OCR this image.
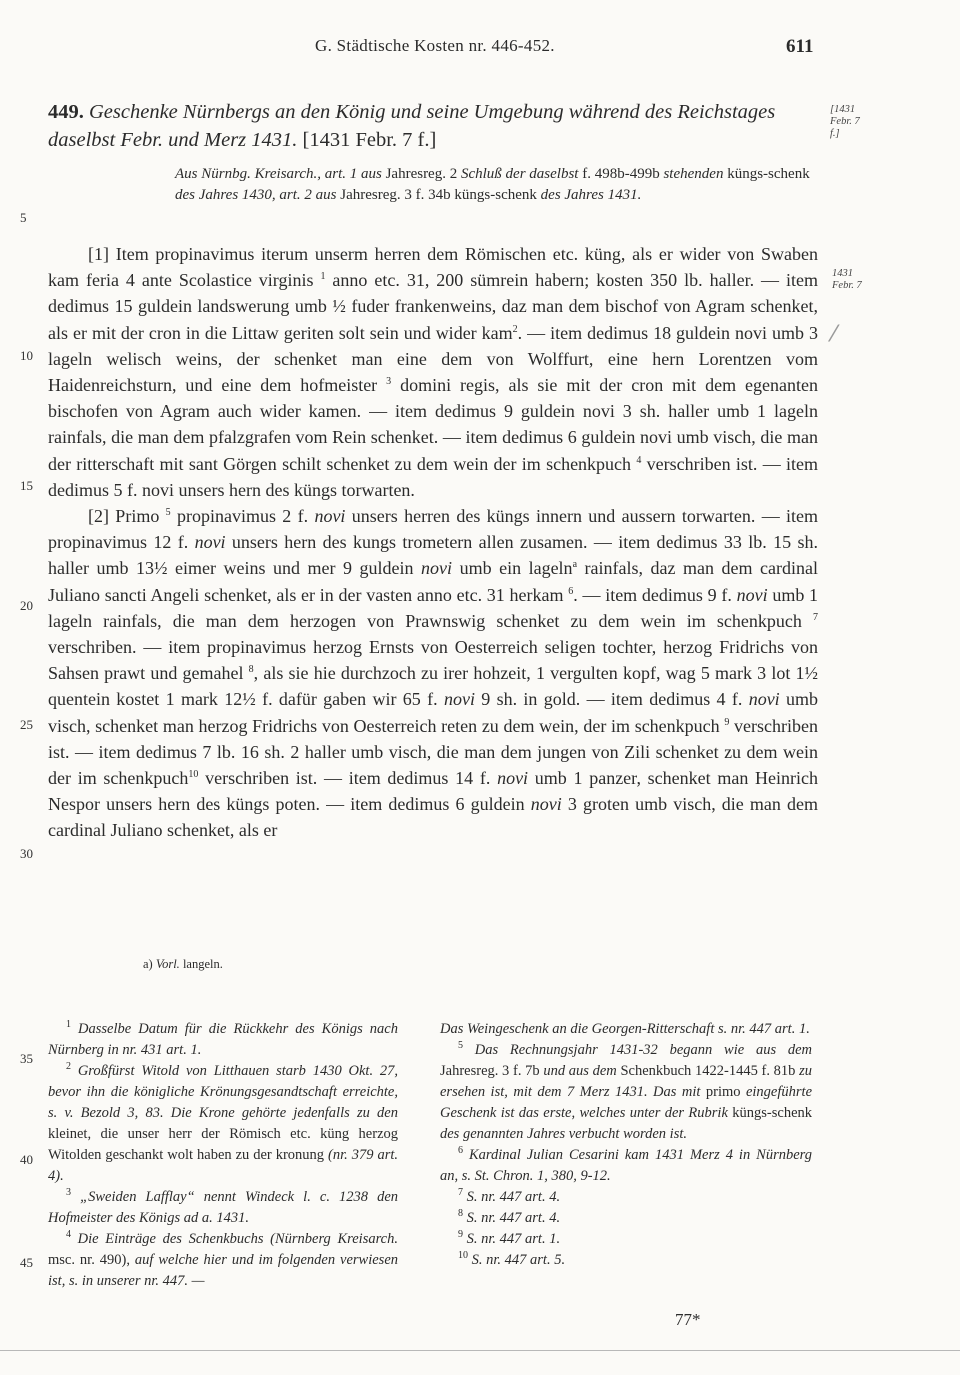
G. Städtische Kosten nr. 446-452.	611
449. Geschenke Nürnbergs an den König und seine Umgebung während des Reichstages daselbst Febr. und Merz 1431. [1431 Febr. 7 f.]
[1431 Febr. 7 f.]
1431 Febr. 7
Aus Nürnbg. Kreisarch., art. 1 aus Jahresreg. 2 Schluß der daselbst f. 498b-499b stehenden küngs-schenk des Jahres 1430, art. 2 aus Jahresreg. 3 f. 34b küngs-schenk des Jahres 1431.
5
10
15
20
25
30
35
40
45

[1] Item propinavimus iterum unserm herren dem Römischen etc. küng, als er wider von Swaben kam feria 4 ante Scolastice virginis $^1$ anno etc. 31, 200 sümrein habern; kosten 350 lb. haller. — item dedimus 15 guldein landswerung umb ½ fuder frankenweins, daz man dem bischof von Agram schenket, als er mit der cron in die Littaw geriten solt sein und wider kam$^2$. — item dedimus 18 guldein novi umb 3 lageln welisch weins, der schenket man eine dem von Wolffurt, eine hern Lorentzen vom Haidenreichsturn, und eine dem hofmeister $^3$ domini regis, als sie mit der cron mit dem egenanten bischofen von Agram auch wider kamen. — item dedimus 9 guldein novi 3 sh. haller umb 1 lageln rainfals, die man dem pfalzgrafen vom Rein schenket. — item dedimus 6 guldein novi umb visch, die man der ritterschaft mit sant Görgen schilt schenket zu dem wein der im schenkpuch $^4$ verschriben ist. — item dedimus 5 f. novi unsers hern des küngs torwarten.

[2] Primo $^5$ propinavimus 2 f. novi unsers herren des küngs innern und aussern torwarten. — item propinavimus 12 f. novi unsers hern des kungs trometern allen zusamen. — item dedimus 33 lb. 15 sh. haller umb 13½ eimer weins und mer 9 guldein novi umb ein lageln$^a$ rainfals, daz man dem cardinal Juliano sancti Angeli schenket, als er in der vasten anno etc. 31 herkam $^6$. — item dedimus 9 f. novi umb 1 lageln rainfals, die man dem herzogen von Prawnswig schenket zu dem wein im schenkpuch $^7$ verschriben. — item propinavimus herzog Ernsts von Oesterreich seligen tochter, herzog Fridrichs von Sahsen prawt und gemahel $^8$, als sie hie durchzoch zu irer hohzeit, 1 vergulten kopf, wag 5 mark 3 lot 1½ quentein kostet 1 mark 12½ f. dafür gaben wir 65 f. novi 9 sh. in gold. — item dedimus 4 f. novi umb visch, schenket man herzog Fridrichs von Oesterreich reten zu dem wein, der im schenkpuch $^9$ verschriben ist. — item dedimus 7 lb. 16 sh. 2 haller umb visch, die man dem jungen von Zili schenket zu dem wein der im schenkpuch$^{10}$ verschriben ist. — item dedimus 14 f. novi umb 1 panzer, schenket man Heinrich Nespor unsers hern des küngs poten. — item dedimus 6 guldein novi 3 groten umb visch, die man dem cardinal Juliano schenket, als er

a) Vorl. langeln.

$^1$ Dasselbe Datum für die Rückkehr des Königs nach Nürnberg in nr. 431 art. 1.

$^2$ Großfürst Witold von Litthauen starb 1430 Okt. 27, bevor ihn die königliche Krönungsgesandtschaft erreichte, s. v. Bezold 3, 83. Die Krone gehörte jedenfalls zu den kleinet, die unser herr der Römisch etc. küng herzog Witolden geschankt wolt haben zu der kronung (nr. 379 art. 4).

$^3$ „Sweiden Lafflay“ nennt Windeck l. c. 1238 den Hofmeister des Königs ad a. 1431.

$^4$ Die Einträge des Schenkbuchs (Nürnberg Kreisarch. msc. nr. 490), auf welche hier und im folgenden verwiesen ist, s. in unserer nr. 447. —

Das Weingeschenk an die Georgen-Ritterschaft s. nr. 447 art. 1.

$^5$ Das Rechnungsjahr 1431-32 begann wie aus dem Jahresreg. 3 f. 7b und aus dem Schenkbuch 1422-1445 f. 81b zu ersehen ist, mit dem 7 Merz 1431. Das mit primo eingeführte Geschenk ist das erste, welches unter der Rubrik küngs-schenk des genannten Jahres verbucht worden ist.

$^6$ Kardinal Julian Cesarini kam 1431 Merz 4 in Nürnberg an, s. St. Chron. 1, 380, 9-12.

$^7$ S. nr. 447 art. 4.

$^8$ S. nr. 447 art. 4.

$^9$ S. nr. 447 art. 1.

$^{10}$ S. nr. 447 art. 5.

77*
⁄
